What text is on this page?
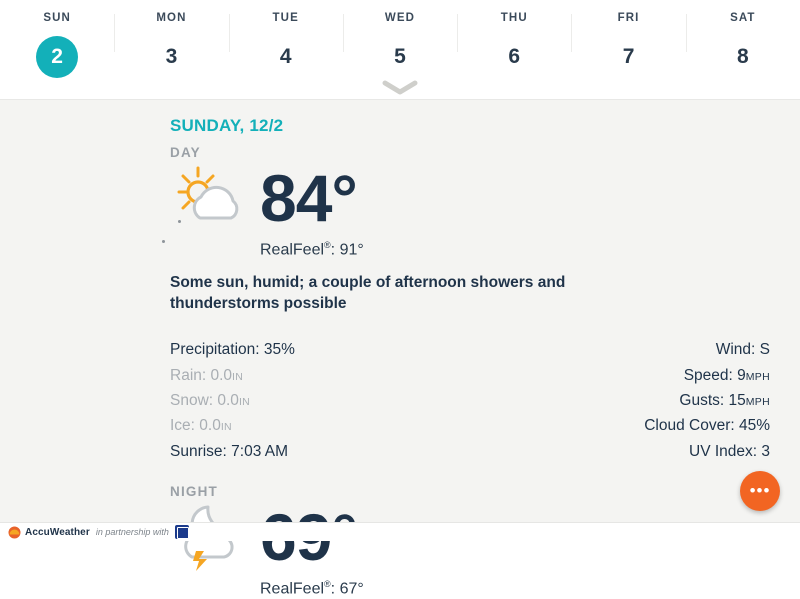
SUN
2
MON
3
TUE
4
WED
5
THU
6
FRI
7
SAT
8
SUNDAY, 12/2
DAY
84°
RealFeel®: 91°
Some sun, humid; a couple of afternoon showers and thunderstorms possible
Precipitation: 35%
Rain: 0.0IN
Snow: 0.0IN
Ice: 0.0IN
Sunrise: 7:03 AM
Wind: S
Speed: 9MPH
Gusts: 15MPH
Cloud Cover: 45%
UV Index: 3
NIGHT
RealFeel®: 67°
•••
AccuWeather in partnership with
